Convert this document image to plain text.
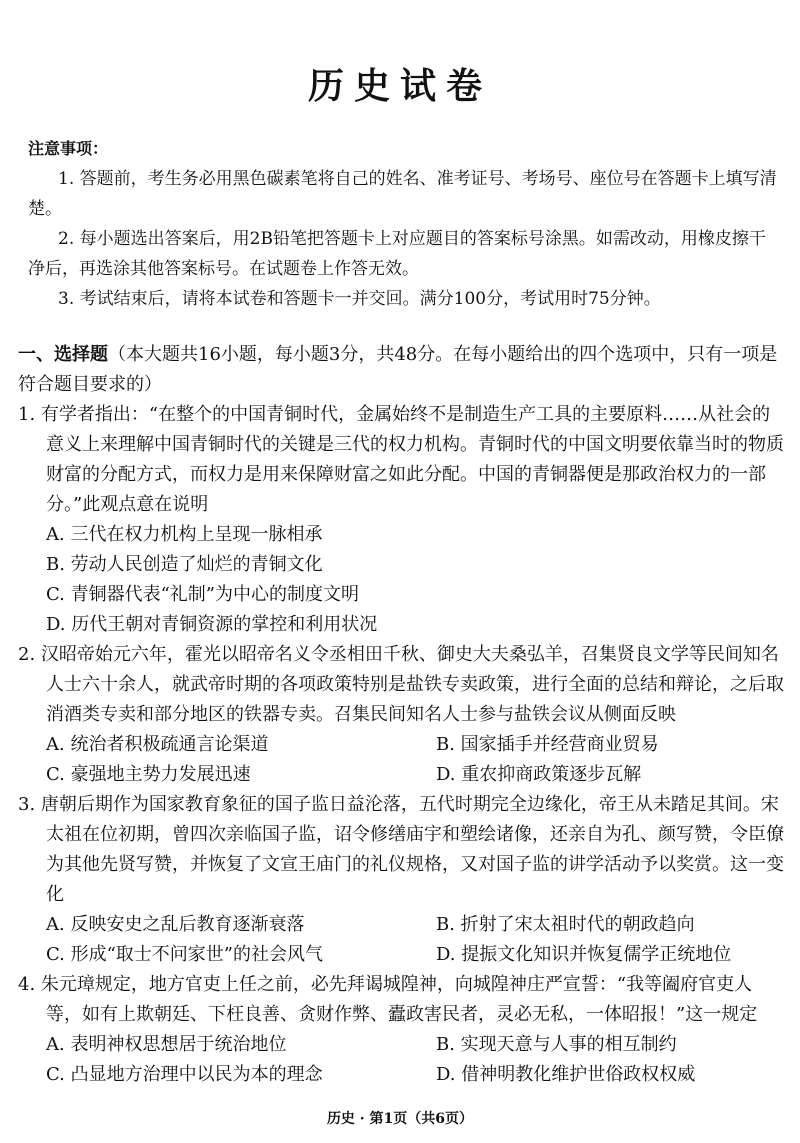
历史试卷
注意事项：

1. 答题前，考生务必用黑色碳素笔将自己的姓名、准考证号、考场号、座位号在答题卡上填写清楚。

2. 每小题选出答案后，用2B铅笔把答题卡上对应题目的答案标号涂黑。如需改动，用橡皮擦干净后，再选涂其他答案标号。在试题卷上作答无效。

3. 考试结束后，请将本试卷和答题卡一并交回。满分100分，考试用时75分钟。

一、选择题（本大题共16小题，每小题3分，共48分。在每小题给出的四个选项中，只有一项是符合题目要求的）

1. 有学者指出：“在整个的中国青铜时代，金属始终不是制造生产工具的主要原料……从社会的意义上来理解中国青铜时代的关键是三代的权力机构。青铜时代的中国文明要依靠当时的物质财富的分配方式，而权力是用来保障财富之如此分配。中国的青铜器便是那政治权力的一部分。”此观点意在说明

A. 三代在权力机构上呈现一脉相承

B. 劳动人民创造了灿烂的青铜文化

C. 青铜器代表“礼制”为中心的制度文明

D. 历代王朝对青铜资源的掌控和利用状况

2. 汉昭帝始元六年，霍光以昭帝名义令丞相田千秋、御史大夫桑弘羊，召集贤良文学等民间知名人士六十余人，就武帝时期的各项政策特别是盐铁专卖政策，进行全面的总结和辩论，之后取消酒类专卖和部分地区的铁器专卖。召集民间知名人士参与盐铁会议从侧面反映

A. 统治者积极疏通言论渠道	B. 国家插手并经营商业贸易

C. 豪强地主势力发展迅速	D. 重农抑商政策逐步瓦解

3. 唐朝后期作为国家教育象征的国子监日益沦落，五代时期完全边缘化，帝王从未踏足其间。宋太祖在位初期，曾四次亲临国子监，诏令修缮庙宇和塑绘诸像，还亲自为孔、颜写赞，令臣僚为其他先贤写赞，并恢复了文宣王庙门的礼仪规格，又对国子监的讲学活动予以奖赏。这一变化

A. 反映安史之乱后教育逐渐衰落	B. 折射了宋太祖时代的朝政趋向

C. 形成“取士不问家世”的社会风气	D. 提振文化知识并恢复儒学正统地位

4. 朱元璋规定，地方官吏上任之前，必先拜谒城隍神，向城隍神庄严宣誓：“我等阖府官吏人等，如有上欺朝廷、下枉良善、贪财作弊、蠹政害民者，灵必无私，一体昭报！”这一规定

A. 表明神权思想居于统治地位	B. 实现天意与人事的相互制约

C. 凸显地方治理中以民为本的理念	D. 借神明教化维护世俗政权权威

历史 · 第1页（共6页）
